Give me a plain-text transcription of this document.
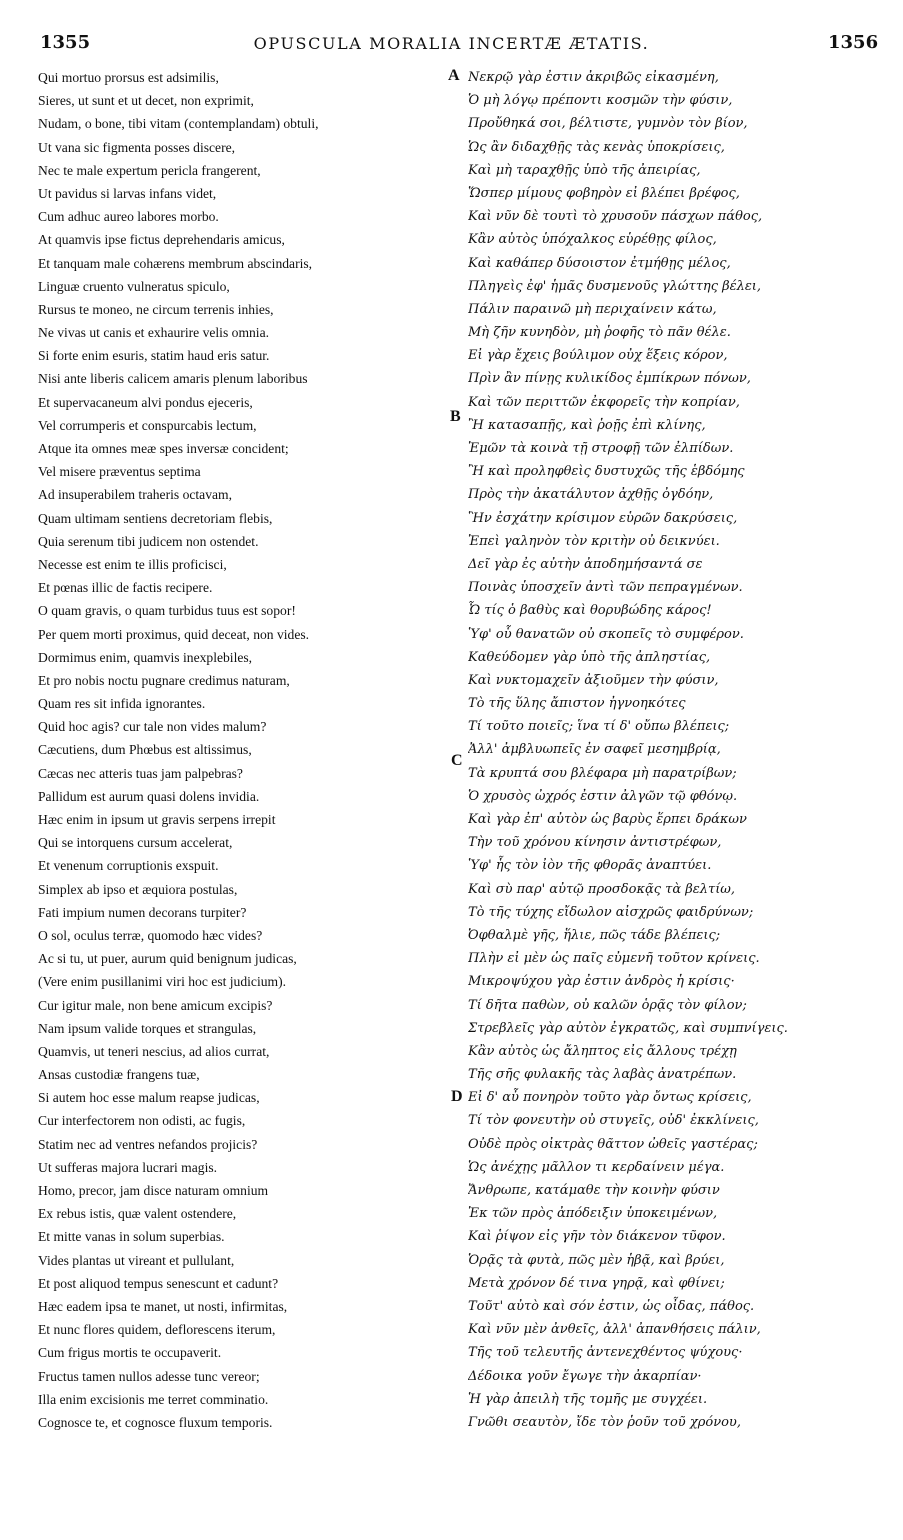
1355	OPUSCULA MORALIA INCERTÆ ÆTATIS.	1356
Qui mortuo prorsus est adsimilis,
Sieres, ut sunt et ut decet, non exprimit,
Nudam, o bone, tibi vitam (contemplandam) obtuli,
Ut vana sic figmenta posses discere,
Nec te male expertum pericla frangerent,
Ut pavidus si larvas infans videt,
Cum adhuc aureo labores morbo.
At quamvis ipse fictus deprehendaris amicus,
Et tanquam male cohærens membrum abscindaris,
Linguæ cruento vulneratus spiculo,
Rursus te moneo, ne circum terrenis inhies,
Ne vivas ut canis et exhaurire velis omnia.
Si forte enim esuris, statim haud eris satur.
Nisi ante liberis calicem amaris plenum laboribus
Et supervacaneum alvi pondus ejeceris,
Vel corrumperis et conspurcabis lectum,
Atque ita omnes meæ spes inversæ concident;
Vel misere præventus septima
Ad insuperabilem traheris octavam,
Quam ultimam sentiens decretoriam flebis,
Quia serenum tibi judicem non ostendet.
Necesse est enim te illis proficisci,
Et pœnas illic de factis recipere.
O quam gravis, o quam turbidus tuus est sopor!
Per quem morti proximus, quid deceat, non vides.
Dormimus enim, quamvis inexplebiles,
Et pro nobis noctu pugnare credimus naturam,
Quam res sit infida ignorantes.
Quid hoc agis? cur tale non vides malum?
Cæcutiens, dum Phœbus est altissimus,
Cæcas nec atteris tuas jam palpebras?
Pallidum est aurum quasi dolens invidia.
Hæc enim in ipsum ut gravis serpens irrepit
Qui se intorquens cursum accelerat,
Et venenum corruptionis exspuit.
Simplex ab ipso et æquiora postulas,
Fati impium numen decorans turpiter?
O sol, oculus terræ, quomodo hæc vides?
Ac si tu, ut puer, aurum quid benignum judicas,
(Vere enim pusillanimi viri hoc est judicium).
Cur igitur male, non bene amicum excipis?
Nam ipsum valide torques et strangulas,
Quamvis, ut teneri nescius, ad alios currat,
Ansas custodiæ frangens tuæ,
Si autem hoc esse malum reapse judicas,
Cur interfectorem non odisti, ac fugis,
Statim nec ad ventres nefandos projicis?
Ut sufferas majora lucrari magis.
Homo, precor, jam disce naturam omnium
Ex rebus istis, quæ valent ostendere,
Et mitte vanas in solum superbias.
Vides plantas ut vireant et pullulant,
Et post aliquod tempus senescunt et cadunt?
Hæc eadem ipsa te manet, ut nosti, infirmitas,
Et nunc flores quidem, deflorescens iterum,
Cum frigus mortis te occupaverit.
Fructus tamen nullos adesse tunc vereor;
Illa enim excisionis me terret comminatio.
Cognosce te, et cognosce fluxum temporis.
Νεκρῷ γὰρ ἐστιν ἀκριβῶς εἰκασμένη,
Ὁ μὴ λόγῳ πρέποντι κοσμῶν τὴν φύσιν,
Προὔθηκά σοι, βέλτιστε, γυμνὸν τὸν βίον,
Ὡς ἂν διδαχθῇς τὰς κενὰς ὑποκρίσεις,
Καὶ μὴ ταραχθῇς ὑπὸ τῆς ἀπειρίας,
Ὥσπερ μίμους φοβηρὸν εἰ βλέπει βρέφος,
Καὶ νῦν δὲ τουτὶ τὸ χρυσοῦν πάσχων πάθος,
Κἂν αὐτὸς ὑπόχαλκος εὑρέθῃς φίλος,
Καὶ καθάπερ δύσοιστον ἐτμήθῃς μέλος,
Πληγεὶς ἐφ' ἡμᾶς δυσμενοῦς γλώττης βέλει,
Πάλιν παραινῶ μὴ περιχαίνειν κάτω,
Μὴ ζῆν κυνηδὸν, μὴ ῥοφῆς τὸ πᾶν θέλε.
Εἰ γὰρ ἔχεις βούλιμον οὐχ ἕξεις κόρον,
Πρὶν ἂν πίνῃς κυλικίδος ἐμπίκρων πόνων,
Καὶ τῶν περιττῶν ἐκφορεῖς τὴν κοπρίαν,
Ἢ κατασαπῇς, καὶ ῥοῇς ἐπὶ κλίνης,
Ἐμῶν τὰ κοινὰ τῇ στροφῇ τῶν ἐλπίδων.
Ἢ καὶ προληφθεὶς δυστυχῶς τῆς ἑβδόμης
Πρὸς τὴν ἀκατάλυτον ἀχθῇς ὀγδόην,
Ἣν ἐσχάτην κρίσιμον εὑρῶν δακρύσεις,
Ἐπεὶ γαληνὸν τὸν κριτὴν οὐ δεικνύει.
Δεῖ γὰρ ἐς αὐτὴν ἀποδημήσαντά σε
Ποινὰς ὑποσχεῖν ἀντὶ τῶν πεπραγμένων.
Ὦ τίς ὁ βαθὺς καὶ θορυβώδης κάρος!
Ὑφ' οὗ θανατῶν οὐ σκοπεῖς τὸ συμφέρον.
Καθεύδομεν γὰρ ὑπὸ τῆς ἀπληστίας,
Καὶ νυκτομαχεῖν ἀξιοῦμεν τὴν φύσιν,
Τὸ τῆς ὕλης ἄπιστον ἠγνοηκότες
Τί τοῦτο ποιεῖς; ἵνα τί δ' οὔπω βλέπεις;
Ἀλλ' ἀμβλυωπεῖς ἐν σαφεῖ μεσημβρίᾳ,
Τὰ κρυπτά σου βλέφαρα μὴ παρατρίβων;
Ὁ χρυσὸς ὠχρός ἐστιν ἀλγῶν τῷ φθόνῳ.
Καὶ γὰρ ἐπ' αὐτὸν ὡς βαρὺς ἕρπει δράκων
Τὴν τοῦ χρόνου κίνησιν ἀντιστρέφων,
Ὑφ' ἧς τὸν ἰὸν τῆς φθορᾶς ἀναπτύει.
Καὶ σὺ παρ' αὐτῷ προσδοκᾷς τὰ βελτίω,
Τὸ τῆς τύχης εἴδωλον αἰσχρῶς φαιδρύνων;
Ὀφθαλμὲ γῆς, ἥλιε, πῶς τάδε βλέπεις;
Πλὴν εἰ μὲν ὡς παῖς εὐμενῆ τοῦτον κρίνεις.
Μικροψύχου γὰρ ἐστιν ἀνδρὸς ἡ κρίσις·
Τί δῆτα παθὼν, οὐ καλῶν ὁρᾷς τὸν φίλον;
Στρεβλεῖς γὰρ αὐτὸν ἐγκρατῶς, καὶ συμπνίγεις.
Κἂν αὐτὸς ὡς ἄληπτος εἰς ἄλλους τρέχῃ
Τῆς σῆς φυλακῆς τὰς λαβὰς ἀνατρέπων.
Εἰ δ' αὖ πονηρὸν τοῦτο γὰρ ὄντως κρίσεις,
Τί τὸν φονευτὴν οὐ στυγεῖς, οὐδ' ἐκκλίνεις,
Οὐδὲ πρὸς οἰκτρὰς θᾶττον ὠθεῖς γαστέρας;
Ὡς ἀνέχῃς μᾶλλον τι κερδαίνειν μέγα.
Ἄνθρωπε, κατάμαθε τὴν κοινὴν φύσιν
Ἐκ τῶν πρὸς ἀπόδειξιν ὑποκειμένων,
Καὶ ῥίψον εἰς γῆν τὸν διάκενον τῦφον.
Ὁρᾷς τὰ φυτὰ, πῶς μὲν ἡβᾷ, καὶ βρύει,
Μετὰ χρόνον δέ τινα γηρᾷ, καὶ φθίνει;
Τοῦτ' αὐτὸ καὶ σόν ἐστιν, ὡς οἶδας, πάθος.
Καὶ νῦν μὲν ἀνθεῖς, ἀλλ' ἀπανθήσεις πάλιν,
Τῆς τοῦ τελευτῆς ἀντενεχθέντος ψύχους·
Δέδοικα γοῦν ἔγωγε τὴν ἀκαρπίαν·
Ἡ γὰρ ἀπειλὴ τῆς τομῆς με συγχέει.
Γνῶθι σεαυτὸν, ἴδε τὸν ῥοῦν τοῦ χρόνου,
A
B
C
D
